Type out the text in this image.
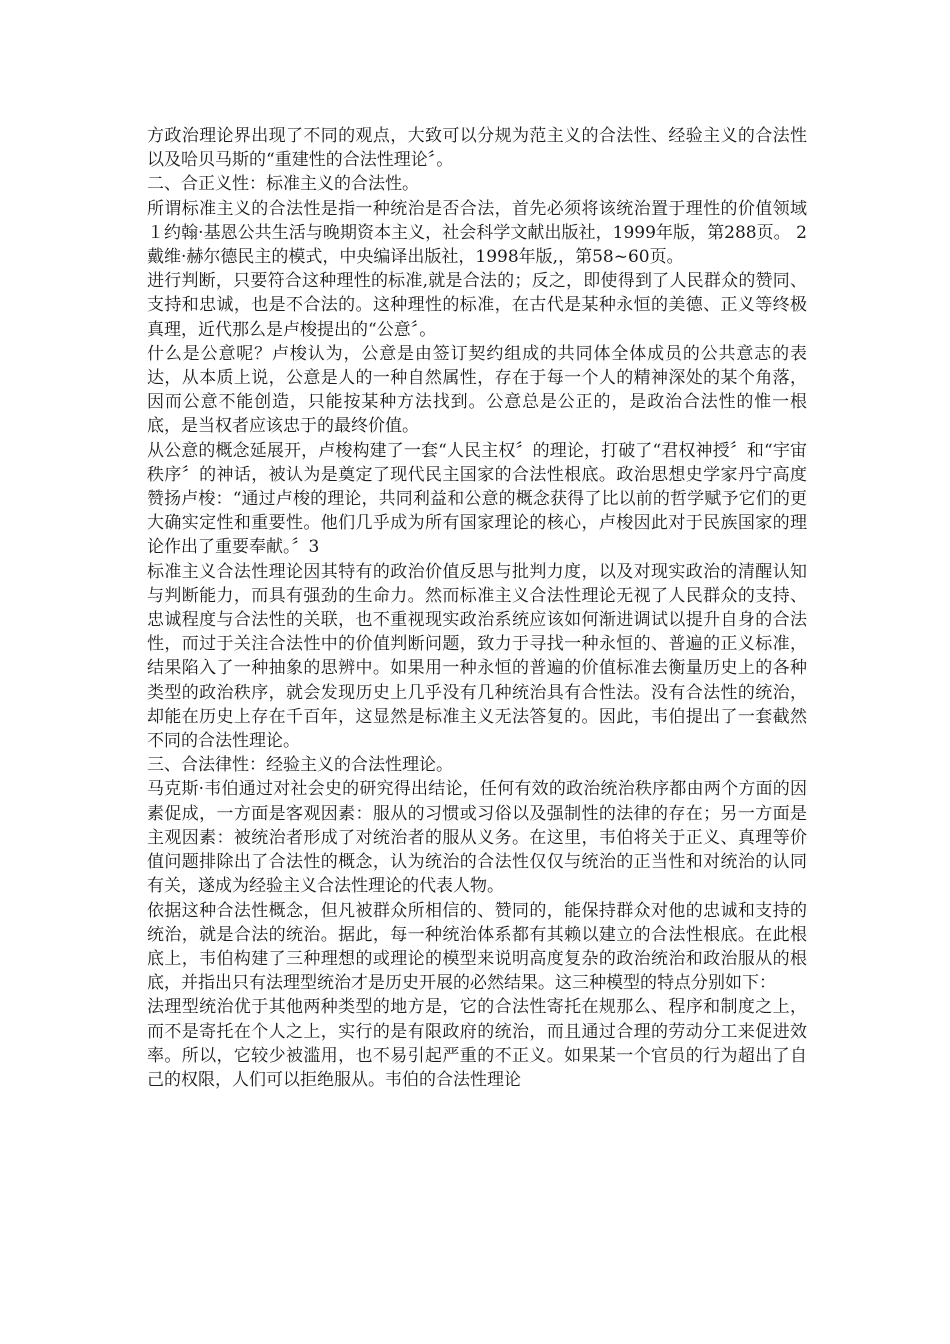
方政治理论界出现了不同的观点，大致可以分规为范主义的合法性、经验主义的合法性以及哈贝马斯的“重建性的合法性理论〞。

二、合正义性：标准主义的合法性。

所谓标准主义的合法性是指一种统治是否合法，首先必须将该统治置于理性的价值领域１约翰·基恩公共生活与晚期资本主义，社会科学文献出版社，1999年版，第288页。 2戴维·赫尔德民主的模式，中央编译出版社，1998年版,，第58~60页。

进行判断，只要符合这种理性的标准,就是合法的；反之，即使得到了人民群众的赞同、支持和忠诚，也是不合法的。这种理性的标准，在古代是某种永恒的美德、正义等终极真理，近代那么是卢梭提出的“公意〞。

什么是公意呢？卢梭认为，公意是由签订契约组成的共同体全体成员的公共意志的表达，从本质上说，公意是人的一种自然属性，存在于每一个人的精神深处的某个角落，因而公意不能创造，只能按某种方法找到。公意总是公正的，是政治合法性的惟一根底，是当权者应该忠于的最终价值。

从公意的概念延展开，卢梭构建了一套“人民主权〞的理论，打破了“君权神授〞和“宇宙秩序〞的神话，被认为是奠定了现代民主国家的合法性根底。政治思想史学家丹宁高度赞扬卢梭：“通过卢梭的理论，共同利益和公意的概念获得了比以前的哲学赋予它们的更大确实定性和重要性。他们几乎成为所有国家理论的核心，卢梭因此对于民族国家的理论作出了重要奉献。〞3

标准主义合法性理论因其特有的政治价值反思与批判力度，以及对现实政治的清醒认知与判断能力，而具有强劲的生命力。然而标准主义合法性理论无视了人民群众的支持、忠诚程度与合法性的关联，也不重视现实政治系统应该如何渐进调试以提升自身的合法性，而过于关注合法性中的价值判断问题，致力于寻找一种永恒的、普遍的正义标准，结果陷入了一种抽象的思辨中。如果用一种永恒的普遍的价值标准去衡量历史上的各种类型的政治秩序，就会发现历史上几乎没有几种统治具有合性法。没有合法性的统治，却能在历史上存在千百年，这显然是标准主义无法答复的。因此，韦伯提出了一套截然不同的合法性理论。

三、合法律性：经验主义的合法性理论。

马克斯·韦伯通过对社会史的研究得出结论，任何有效的政治统治秩序都由两个方面的因素促成，一方面是客观因素：服从的习惯或习俗以及强制性的法律的存在；另一方面是主观因素：被统治者形成了对统治者的服从义务。在这里，韦伯将关于正义、真理等价值问题排除出了合法性的概念，认为统治的合法性仅仅与统治的正当性和对统治的认同有关，遂成为经验主义合法性理论的代表人物。

依据这种合法性概念，但凡被群众所相信的、赞同的，能保持群众对他的忠诚和支持的统治，就是合法的统治。据此，每一种统治体系都有其赖以建立的合法性根底。在此根底上，韦伯构建了三种理想的或理论的模型来说明高度复杂的政治统治和政治服从的根底，并指出只有法理型统治才是历史开展的必然结果。这三种模型的特点分别如下：

法理型统治优于其他两种类型的地方是，它的合法性寄托在规那么、程序和制度之上，而不是寄托在个人之上，实行的是有限政府的统治，而且通过合理的劳动分工来促进效率。所以，它较少被滥用，也不易引起严重的不正义。如果某一个官员的行为超出了自己的权限，人们可以拒绝服从。韦伯的合法性理论
